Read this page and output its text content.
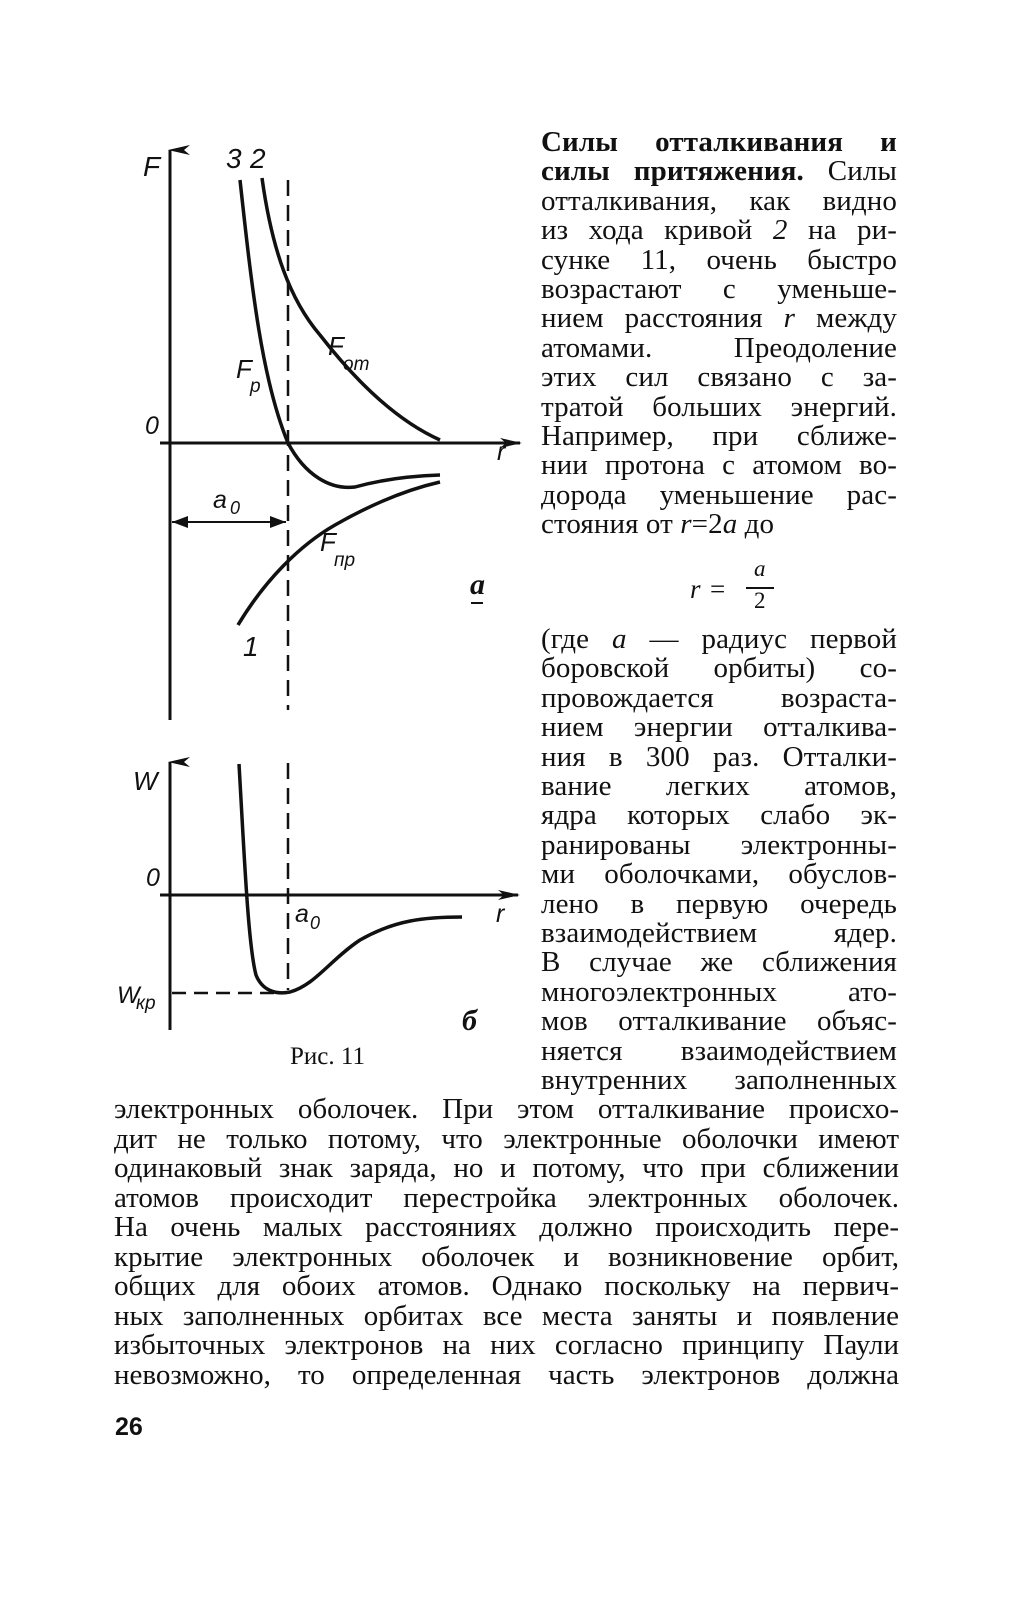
F
0
r
3 2
1
F
от
F
р
F
пр
a 0
a
W
0
r
a 0
W
кр
б
Рис. 11

Силы отталкивания и

силы притяжения. Силы

отталкивания, как видно

из хода кривой 2 на ри-

сунке 11, очень быстро

возрастают с уменьше-

нием расстояния r между

атомами. Преодоление

этих сил связано с за-

тратой больших энергий.

Например, при сближе-

нии протона с атомом во-

дорода уменьшение рас-

стояния от r=2a до

r =
a
2

(где a — радиус первой

боровской орбиты) со-

провождается возраста-

нием энергии отталкива-

ния в 300 раз. Отталки-

вание легких атомов,

ядра которых слабо эк-

ранированы электронны-

ми оболочками, обуслов-

лено в первую очередь

взаимодействием ядер.

В случае же сближения

многоэлектронных ато-

мов отталкивание объяс-

няется взаимодействием

внутренних заполненных

электронных оболочек. При этом отталкивание происхо-

дит не только потому, что электронные оболочки имеют

одинаковый знак заряда, но и потому, что при сближении

атомов происходит перестройка электронных оболочек.

На очень малых расстояниях должно происходить пере-

крытие электронных оболочек и возникновение орбит,

общих для обоих атомов. Однако поскольку на первич-

ных заполненных орбитах все места заняты и появление

избыточных электронов на них согласно принципу Паули

невозможно, то определенная часть электронов должна

26
